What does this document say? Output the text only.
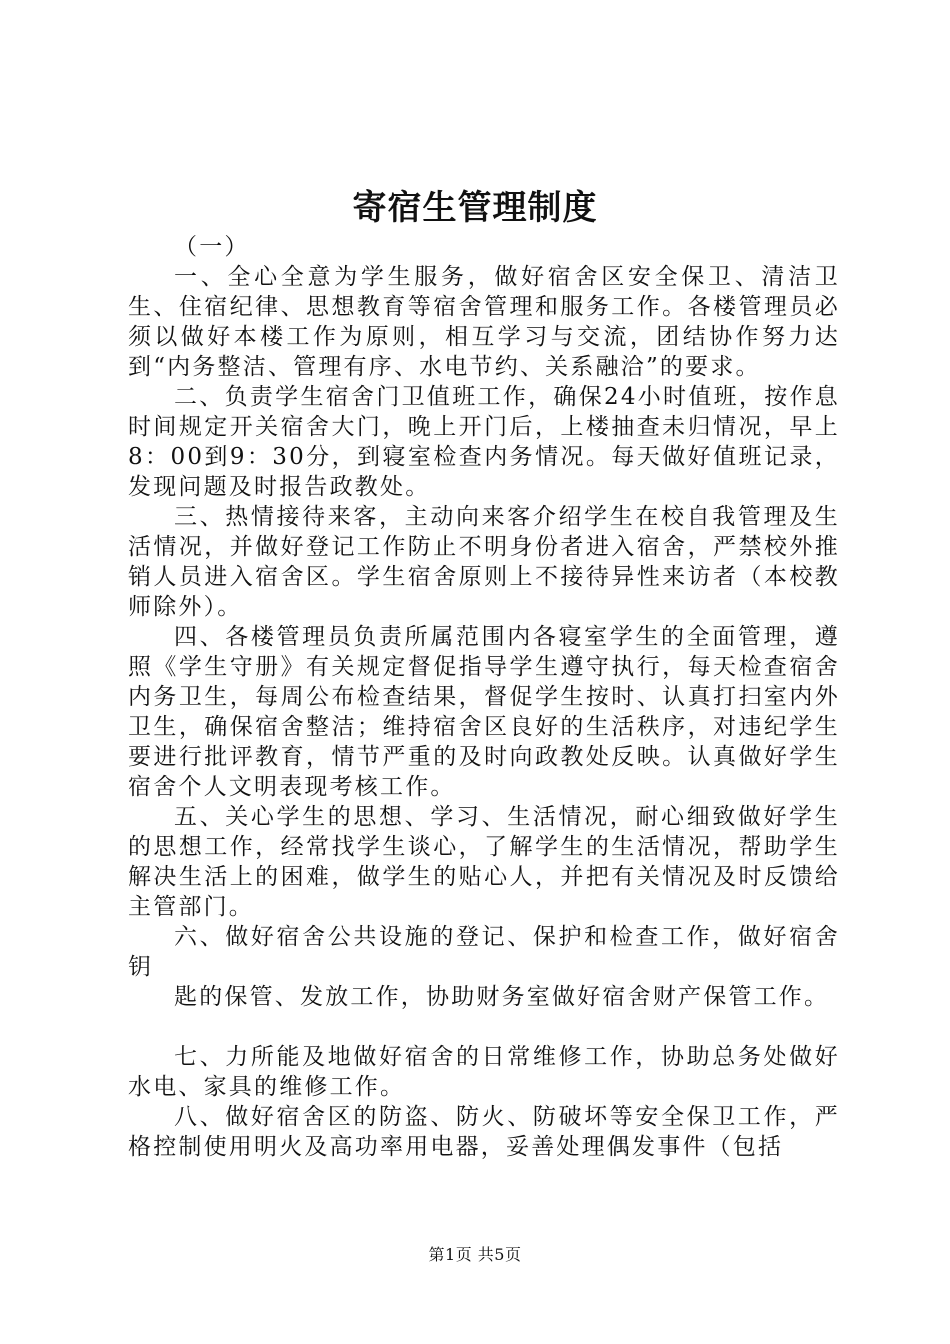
寄宿生管理制度

（一）

一、全心全意为学生服务，做好宿舍区安全保卫、清洁卫生、住宿纪律、思想教育等宿舍管理和服务工作。各楼管理员必须以做好本楼工作为原则，相互学习与交流，团结协作努力达到“内务整洁、管理有序、水电节约、关系融洽”的要求。

二、负责学生宿舍门卫值班工作，确保24小时值班，按作息时间规定开关宿舍大门，晚上开门后，上楼抽查未归情况，早上8：00到9：30分，到寝室检查内务情况。每天做好值班记录，发现问题及时报告政教处。

三、热情接待来客，主动向来客介绍学生在校自我管理及生活情况，并做好登记工作防止不明身份者进入宿舍，严禁校外推销人员进入宿舍区。学生宿舍原则上不接待异性来访者（本校教师除外）。

四、各楼管理员负责所属范围内各寝室学生的全面管理，遵照《学生守册》有关规定督促指导学生遵守执行，每天检查宿舍内务卫生，每周公布检查结果，督促学生按时、认真打扫室内外卫生，确保宿舍整洁；维持宿舍区良好的生活秩序，对违纪学生要进行批评教育，情节严重的及时向政教处反映。认真做好学生宿舍个人文明表现考核工作。

五、关心学生的思想、学习、生活情况，耐心细致做好学生的思想工作，经常找学生谈心，了解学生的生活情况，帮助学生解决生活上的困难，做学生的贴心人，并把有关情况及时反馈给主管部门。

六、做好宿舍公共设施的登记、保护和检查工作，做好宿舍钥

匙的保管、发放工作，协助财务室做好宿舍财产保管工作。

七、力所能及地做好宿舍的日常维修工作，协助总务处做好水电、家具的维修工作。

八、做好宿舍区的防盗、防火、防破坏等安全保卫工作，严格控制使用明火及高功率用电器，妥善处理偶发事件（包括

第1页 共5页
